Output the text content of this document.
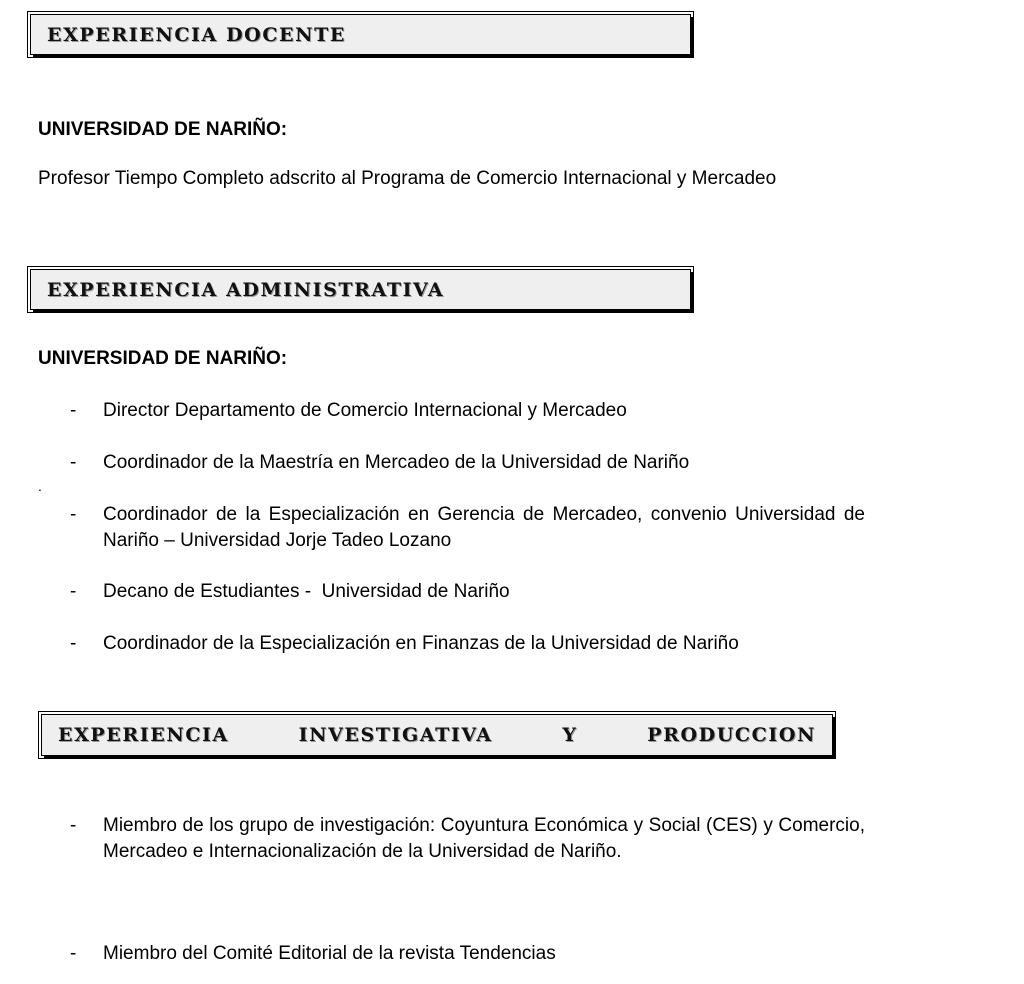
EXPERIENCIA DOCENTE
UNIVERSIDAD DE NARIÑO:
Profesor Tiempo Completo adscrito al Programa de Comercio Internacional y Mercadeo
EXPERIENCIA ADMINISTRATIVA
UNIVERSIDAD DE NARIÑO:
- Director Departamento de Comercio Internacional y Mercadeo
- Coordinador de la Maestría en Mercadeo de la Universidad de Nariño
.
- Coordinador de la Especialización en Gerencia de Mercadeo, convenio Universidad de Nariño – Universidad Jorje Tadeo Lozano
- Decano de Estudiantes -  Universidad de Nariño
- Coordinador de la Especialización en Finanzas de la Universidad de Nariño
EXPERIENCIA	INVESTIGATIVA	Y	PRODUCCION
- Miembro de los grupo de investigación: Coyuntura Económica y Social (CES) y Comercio, Mercadeo e Internacionalización de la Universidad de Nariño.
- Miembro del Comité Editorial de la revista Tendencias
